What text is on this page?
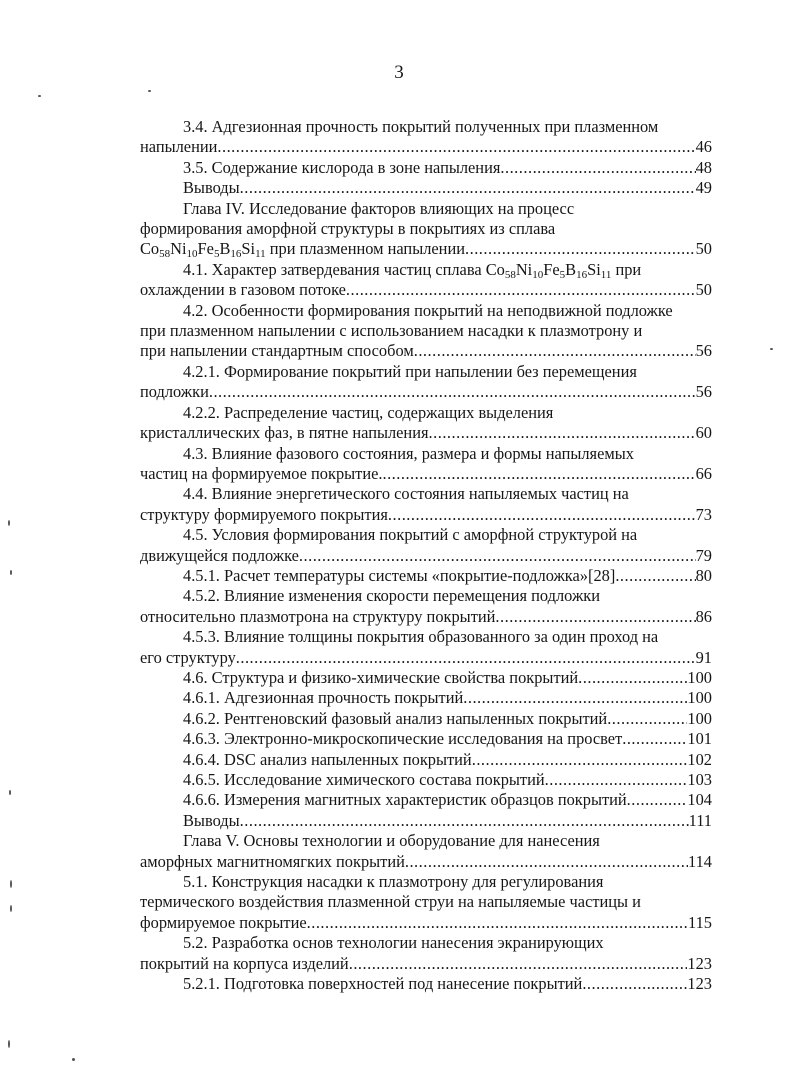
3
3.4. Адгезионная прочность покрытий полученных при плазменном
напылении .....	46
3.5. Содержание кислорода в зоне напыления .....	48
Выводы .....	49
Глава IV. Исследование факторов влияющих на процесс
формирования аморфной структуры в покрытиях из сплава
$Co_{58}Ni_{10}Fe_5B_{16}Si_{11}$ при плазменном напылении .....	50
4.1. Характер затвердевания частиц сплава $Co_{58}Ni_{10}Fe_5B_{16}Si_{11}$ при
охлаждении в газовом потоке .....	50
4.2. Особенности формирования покрытий на неподвижной подложке
при плазменном напылении с использованием насадки к плазмотрону и
при напылении стандартным способом .....	56
4.2.1. Формирование покрытий при напылении без перемещения
подложки .....	56
4.2.2. Распределение частиц, содержащих выделения
кристаллических фаз, в пятне напыления .....	60
4.3. Влияние фазового состояния, размера и формы напыляемых
частиц на формируемое покрытие. .....	66
4.4. Влияние энергетического состояния напыляемых частиц на
структуру формируемого покрытия .....	73
4.5. Условия формирования покрытий с аморфной структурой на
движущейся подложке .....	79
4.5.1. Расчет температуры системы «покрытие-подложка»[28] .....	80
4.5.2. Влияние изменения скорости перемещения подложки
относительно плазмотрона на структуру покрытий .....	86
4.5.3. Влияние толщины покрытия образованного за один проход на
его структуру .....	91
4.6. Структура и физико-химические свойства покрытий .....	100
4.6.1. Адгезионная прочность покрытий .....	100
4.6.2. Рентгеновский фазовый анализ напыленных покрытий .....	100
4.6.3. Электронно-микроскопические исследования на просвет .....	101
4.6.4. DSC анализ напыленных покрытий .....	102
4.6.5. Исследование химического состава покрытий .....	103
4.6.6. Измерения магнитных характеристик образцов покрытий .....	104
Выводы .....	111
Глава V. Основы технологии и оборудование для нанесения
аморфных магнитномягких покрытий .....	114
5.1. Конструкция насадки к плазмотрону для регулирования
термического воздействия плазменной струи на напыляемые частицы и
формируемое покрытие .....	115
5.2. Разработка основ технологии нанесения экранирующих
покрытий на корпуса изделий .....	123
5.2.1. Подготовка поверхностей под нанесение покрытий .....	123
